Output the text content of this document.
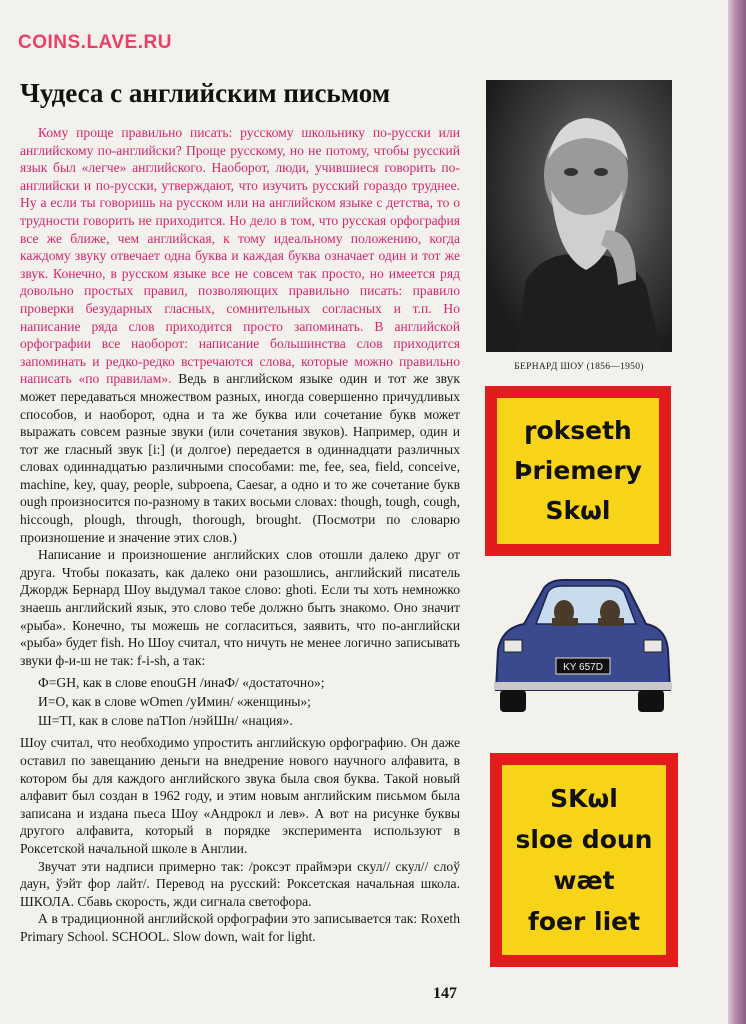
COINS.LAVE.RU
Чудеса с английским письмом

Кому проще правильно писать: русскому школьнику по-русски или английскому по-английски? Проще русскому, но не потому, чтобы русский язык был «легче» английского. Наоборот, люди, учившиеся говорить по-английски и по-русски, утверждают, что изучить русский гораздо труднее. Ну а если ты говоришь на русском или на английском языке с детства, то о трудности говорить не приходится. Но дело в том, что русская орфография все же ближе, чем английская, к тому идеальному положению, когда каждому звуку отвечает одна буква и каждая буква означает один и тот же звук. Конечно, в русском языке все не совсем так просто, но имеется ряд довольно простых правил, позволяющих правильно писать: правило проверки безударных гласных, сомнительных согласных и т.п. Но написание ряда слов приходится просто запоминать. В английской орфографии все наоборот: написание большинства слов приходится запоминать и редко-редко встречаются слова, которые можно правильно написать «по правилам». Ведь в английском языке один и тот же звук может передаваться множеством разных, иногда совершенно причудливых способов, и наоборот, одна и та же буква или сочетание букв может выражать совсем разные звуки (или сочетания звуков). Например, один и тот же гласный звук [i:] (и долгое) передается в одиннадцати различных словах одиннадцатью различными способами: me, fee, sea, field, conceive, machine, key, quay, people, subpoena, Caesar, а одно и то же сочетание букв ough произносится по-разному в таких восьми словах: though, tough, cough, hiccough, plough, through, thorough, brought. (Посмотри по словарю произношение и значение этих слов.)

Написание и произношение английских слов отошли далеко друг от друга. Чтобы показать, как далеко они разошлись, английский писатель Джордж Бернард Шоу выдумал такое слово: ghoti. Если ты хоть немножко знаешь английский язык, это слово тебе должно быть знакомо. Оно значит «рыба». Конечно, ты можешь не согласиться, заявить, что по-английски «рыба» будет fish. Но Шоу считал, что ничуть не менее логично записывать звуки ф-и-ш не так: f-i-sh, а так:

Ф=GH, как в слове enouGH /инаФ/ «достаточно»;
И=O, как в слове wOmen /уИмин/ «женщины»;
Ш=TI, как в слове naTIon /нэйШн/ «нация».

Шоу считал, что необходимо упростить английскую орфографию. Он даже оставил по завещанию деньги на внедрение нового научного алфавита, в котором бы для каждого английского звука была своя буква. Такой новый алфавит был создан в 1962 году, и этим новым английским письмом была записана и издана пьеса Шоу «Андрокл и лев». А вот на рисунке буквы другого алфавита, который в порядке эксперимента используют в Роксетской начальной школе в Англии.

Звучат эти надписи примерно так: /роксэт праймэри скул// скул// слоў даун, ўэйт фор лайт/. Перевод на русский: Роксетская начальная школа. ШКОЛА. Сбавь скорость, жди сигнала светофора.

А в традиционной английской орфографии это записывается так: Roxeth Primary School. SCHOOL. Slow down, wait for light.

БЕРНАРД ШОУ (1856—1950)
ɼokseth
Þriemery
Skωl
KY 657D
SKωl
sloe doun
wæt
foer liet
147
